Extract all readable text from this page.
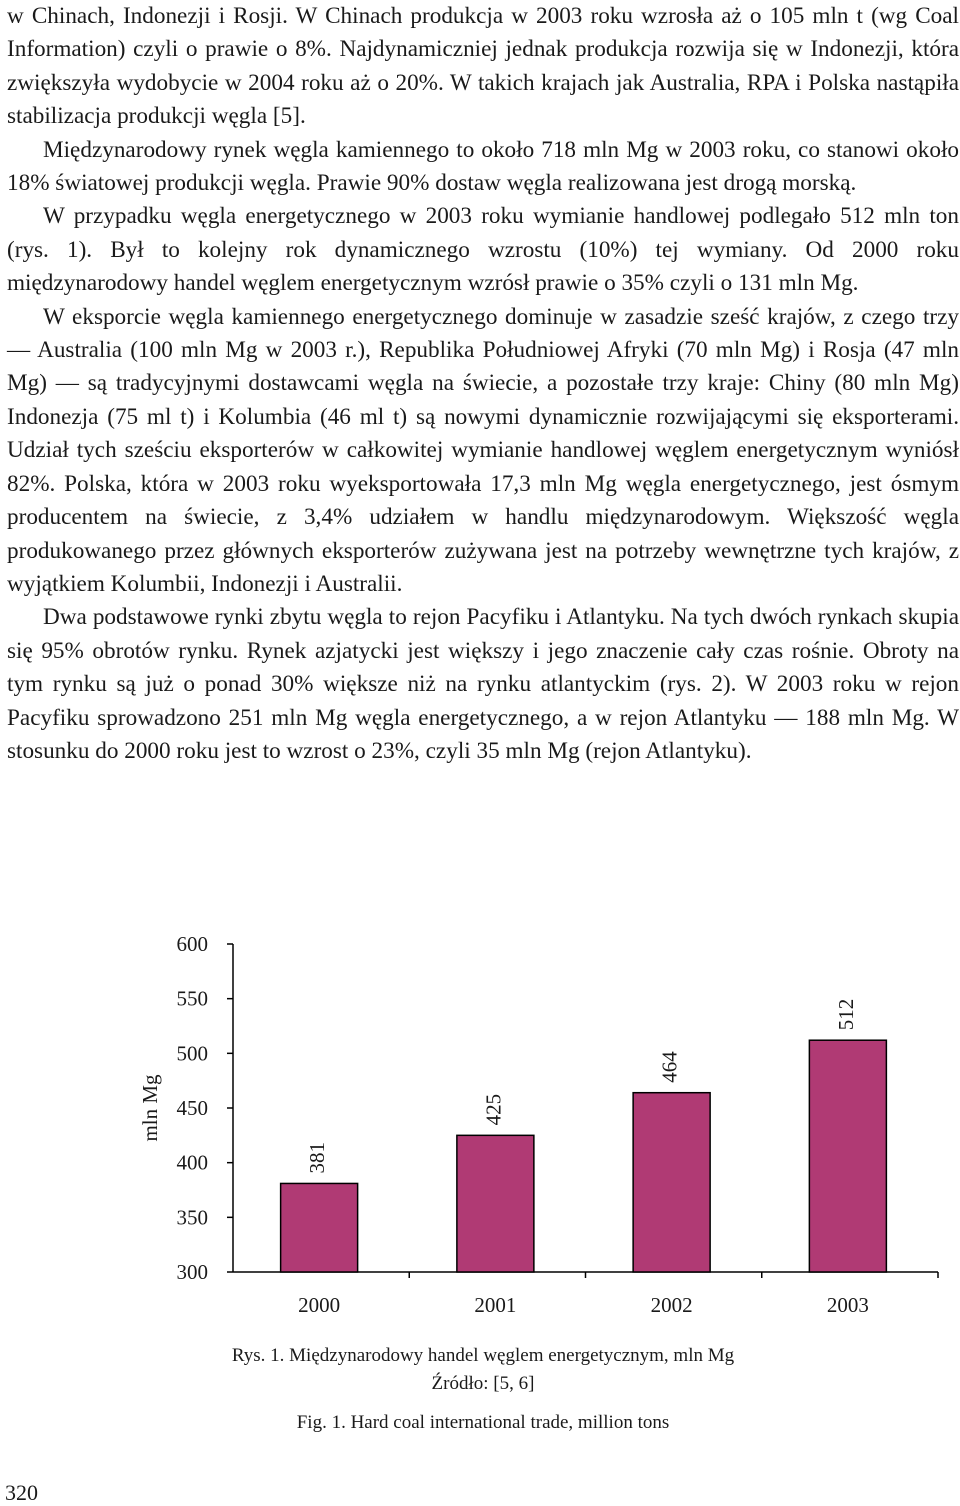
w Chinach, Indonezji i Rosji. W Chinach produkcja w 2003 roku wzrosła aż o 105 mln t (wg Coal Information) czyli o prawie o 8%. Najdynamiczniej jednak produkcja rozwija się w Indonezji, która zwiększyła wydobycie w 2004 roku aż o 20%. W takich krajach jak Australia, RPA i Polska nastąpiła stabilizacja produkcji węgla [5].

Międzynarodowy rynek węgla kamiennego to około 718 mln Mg w 2003 roku, co stanowi około 18% światowej produkcji węgla. Prawie 90% dostaw węgla realizowana jest drogą morską.

W przypadku węgla energetycznego w 2003 roku wymianie handlowej podlegało 512 mln ton (rys. 1). Był to kolejny rok dynamicznego wzrostu (10%) tej wymiany. Od 2000 roku międzynarodowy handel węglem energetycznym wzrósł prawie o 35% czyli o 131 mln Mg.

W eksporcie węgla kamiennego energetycznego dominuje w zasadzie sześć krajów, z czego trzy — Australia (100 mln Mg w 2003 r.), Republika Południowej Afryki (70 mln Mg) i Rosja (47 mln Mg) — są tradycyjnymi dostawcami węgla na świecie, a pozostałe trzy kraje: Chiny (80 mln Mg) Indonezja (75 ml t) i Kolumbia (46 ml t) są nowymi dynamicznie rozwijającymi się eksporterami. Udział tych sześciu eksporterów w całkowitej wymianie handlowej węglem energetycznym wyniósł 82%. Polska, która w 2003 roku wyeksportowała 17,3 mln Mg węgla energetycznego, jest ósmym producentem na świecie, z 3,4% udziałem w handlu międzynarodowym. Większość węgla produkowanego przez głównych eksporterów zużywana jest na potrzeby wewnętrzne tych krajów, z wyjątkiem Kolumbii, Indonezji i Australii.

Dwa podstawowe rynki zbytu węgla to rejon Pacyfiku i Atlantyku. Na tych dwóch rynkach skupia się 95% obrotów rynku. Rynek azjatycki jest większy i jego znaczenie cały czas rośnie. Obroty na tym rynku są już o ponad 30% większe niż na rynku atlantyckim (rys. 2). W 2003 roku w rejon Pacyfiku sprowadzono 251 mln Mg węgla energetycznego, a w rejon Atlantyku — 188 mln Mg. W stosunku do 2000 roku jest to wzrost o 23%, czyli 35 mln Mg (rejon Atlantyku).

300
350
400
450
500
550
600
mln Mg
2000
381
2001
425
2002
464
2003
512

Rys. 1. Międzynarodowy handel węglem energetycznym, mln Mg

Źródło: [5, 6]

Fig. 1. Hard coal international trade, million tons

320
